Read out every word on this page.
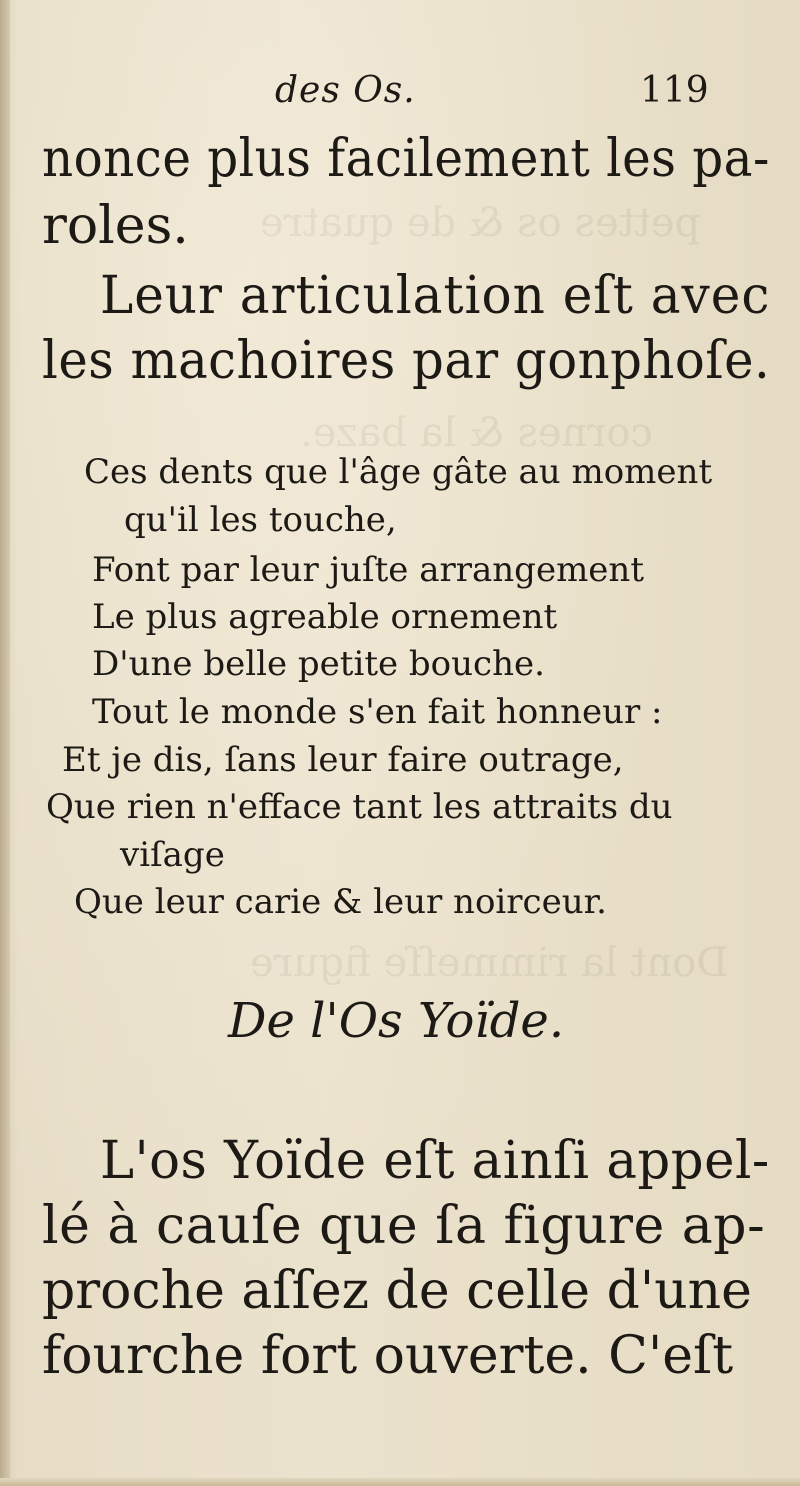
pettes os & de quatre
cornes & la baze.
Dont la rimmeſſe figure
des Os.	119
nonce plus facilement les pa-
roles.
Leur articulation eſt avec
les machoires par gonphoſe.
Ces dents que l'âge gâte au moment
qu'il les touche,
Font par leur juſte arrangement
Le plus agreable ornement
D'une belle petite bouche.
Tout le monde s'en fait honneur :
Et je dis, ſans leur faire outrage,
Que rien n'efface tant les attraits du
viſage
Que leur carie & leur noirceur.
De l'Os Yoïde.
L'os Yoïde eſt ainſi appel-
lé à cauſe que ſa figure ap-
proche aſſez de celle d'une
fourche fort ouverte. C'eſt
